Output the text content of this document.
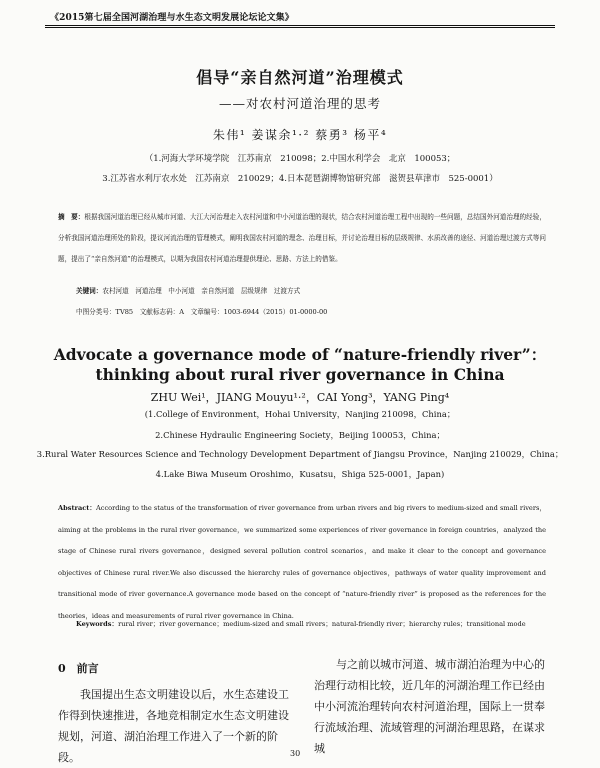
《2015第七届全国河湖治理与水生态文明发展论坛论文集》
倡导“亲自然河道”治理模式
——对农村河道治理的思考
朱伟¹ 姜谋余¹·² 蔡勇³ 杨平⁴
（1.河海大学环境学院　江苏南京　210098；2.中国水利学会　北京　100053；
3.江苏省水利厅农水处　江苏南京　210029；4.日本琵琶湖博物馆研究部　滋贺县草津市　525-0001）

摘　要：根据我国河道治理已经从城市河道、大江大河治理走入农村河道和中小河道治理的现状，结合农村河道治理工程中出现的一些问题，总结国外河道治理的经验，分析我国河道治理所处的阶段，提议河流治理的管理模式，阐明我国农村河道的理念、治理目标，并讨论治理目标的层级规律、水质改善的途径、河道治理过渡方式等问题，提出了“亲自然河道”的治理模式，以期为我国农村河道治理提供理论、思路、方法上的借鉴。

关键词：农村河道　河道治理　中小河道　亲自然河道　层级规律　过渡方式
中图分类号：TV85　文献标志码：A　文章编号：1003-6944（2015）01-0000-00
Advocate a governance mode of “nature-friendly river”：
thinking about rural river governance in China
ZHU Wei¹，JIANG Mouyu¹·²，CAI Yong³，YANG Ping⁴
(1.College of Environment，Hohai University，Nanjing 210098，China；
2.Chinese Hydraulic Engineering Society，Beijing 100053，China；
3.Rural Water Resources Science and Technology Development Department of Jiangsu Province，Nanjing 210029，China；
4.Lake Biwa Museum Oroshimo，Kusatsu，Shiga 525-0001，Japan)

Abstract：According to the status of the transformation of river governance from urban rivers and big rivers to medium-sized and small rivers，aiming at the problems in the rural river governance，we summarized some experiences of river governance in foreign countries，analyzed the stage of Chinese rural rivers governance，designed several pollution control scenarios，and make it clear to the concept and governance objectives of Chinese rural river.We also discussed the hierarchy rules of governance objectives，pathways of water quality improvement and transitional mode of river governance.A governance mode based on the concept of “nature-friendly river” is proposed as the references for the theories，ideas and measurements of rural river governance in China.

Keywords：rural river；river governance；medium-sized and small rivers；natural-friendly river；hierarchy rules；transitional mode
0　前言

我国提出生态文明建设以后，水生态建设工作得到快速推进，各地竞相制定水生态文明建设规划，河道、湖泊治理工作进入了一个新的阶段。

与之前以城市河道、城市湖泊治理为中心的治理行动相比较，近几年的河湖治理工作已经由中小河流治理转向农村河道治理，国际上一贯奉行流域治理、流域管理的河湖治理思路，在谋求城

30
